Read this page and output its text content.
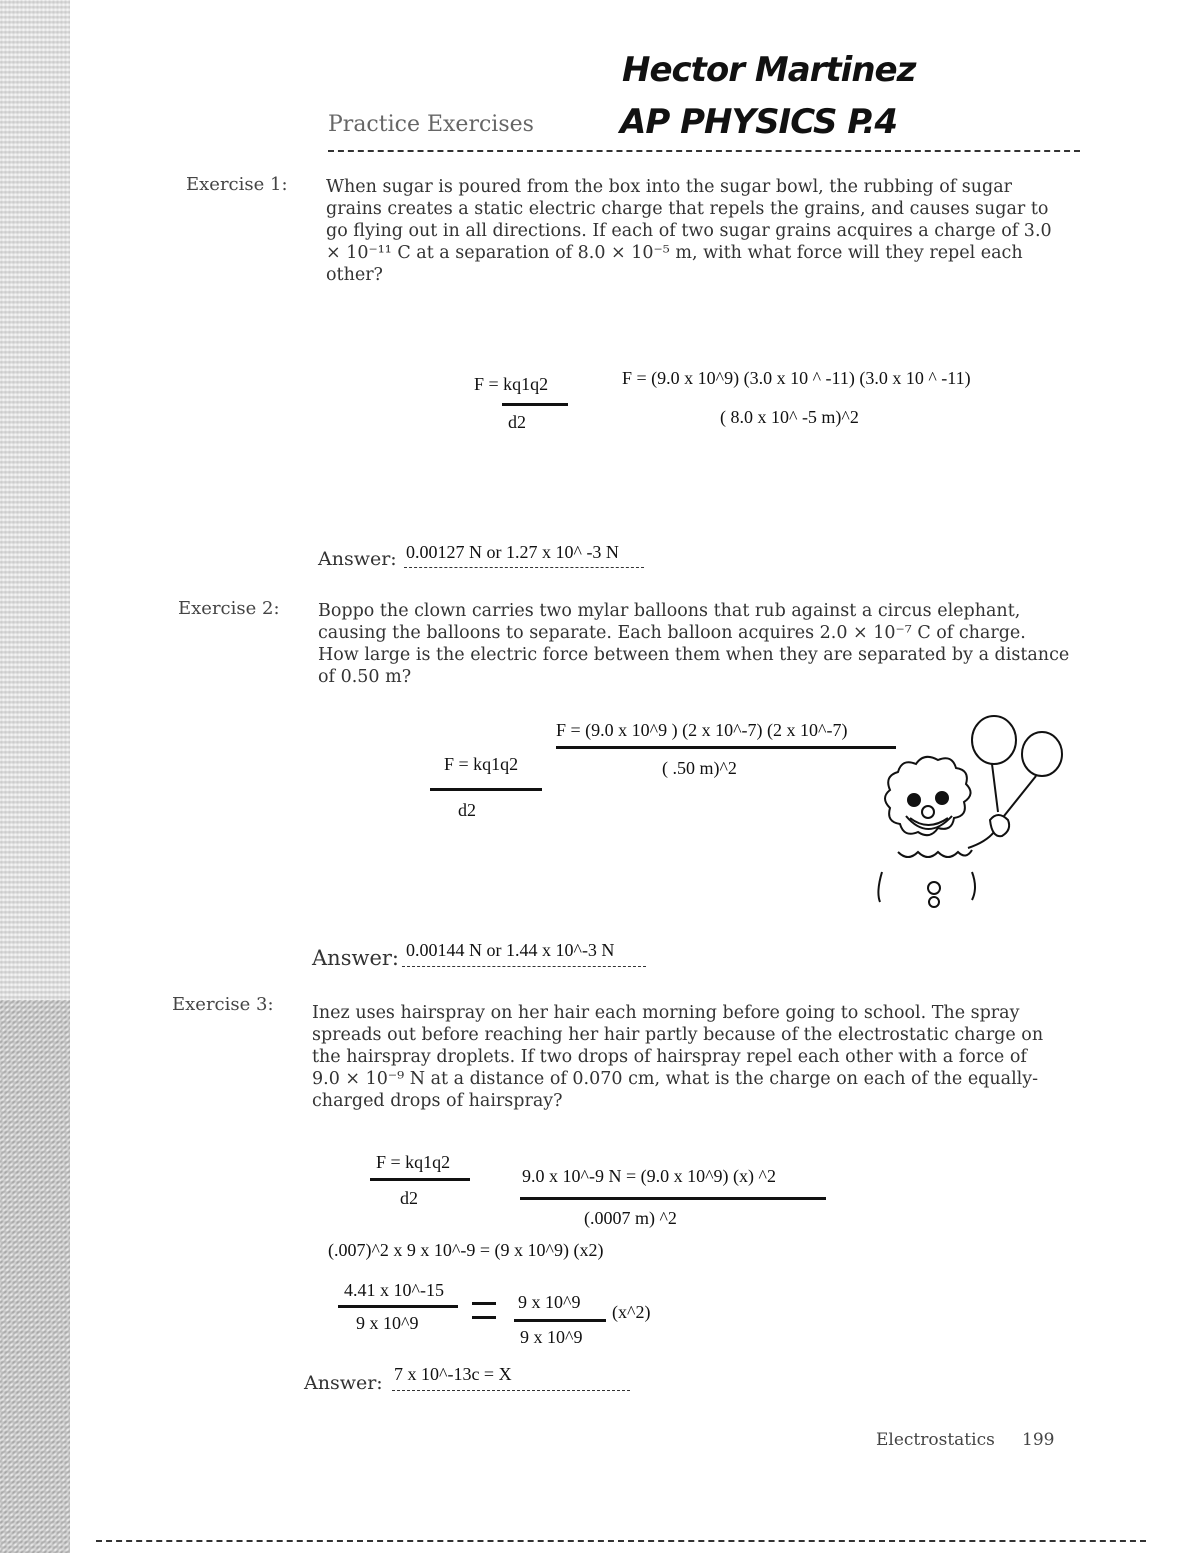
Hector Martinez
AP PHYSICS P.4
Practice Exercises
Exercise 1: When sugar is poured from the box into the sugar bowl, the rubbing of sugar grains creates a static electric charge that repels the grains, and causes sugar to go flying out in all directions. If each of two sugar grains acquires a charge of 3.0 × 10⁻¹¹ C at a separation of 8.0 × 10⁻⁵ m, with what force will they repel each other?
F = kq1q2
d2
F = (9.0 x 10^9) (3.0 x 10 ^ -11) (3.0 x 10 ^ -11)
( 8.0 x 10^ -5 m)^2
Answer: 0.00127 N or 1.27 x 10^ -3 N
Exercise 2: Boppo the clown carries two mylar balloons that rub against a circus elephant, causing the balloons to separate. Each balloon acquires 2.0 × 10⁻⁷ C of charge. How large is the electric force between them when they are separated by a distance of 0.50 m?
F = (9.0 x 10^9 ) (2 x 10^-7) (2 x 10^-7)
( .50 m)^2
F = kq1q2
d2
Answer: 0.00144 N or 1.44 x 10^-3 N
Exercise 3: Inez uses hairspray on her hair each morning before going to school. The spray spreads out before reaching her hair partly because of the electrostatic charge on the hairspray droplets. If two drops of hairspray repel each other with a force of 9.0 × 10⁻⁹ N at a distance of 0.070 cm, what is the charge on each of the equally-charged drops of hairspray?
F = kq1q2
d2
9.0 x 10^-9 N = (9.0 x 10^9) (x) ^2
(.0007 m) ^2
(.007)^2 x 9 x 10^-9 = (9 x 10^9) (x2)
4.41 x 10^-15
9 x 10^9
9 x 10^9
9 x 10^9
(x^2)
Answer: 7 x 10^-13c = X
Electrostatics 199
